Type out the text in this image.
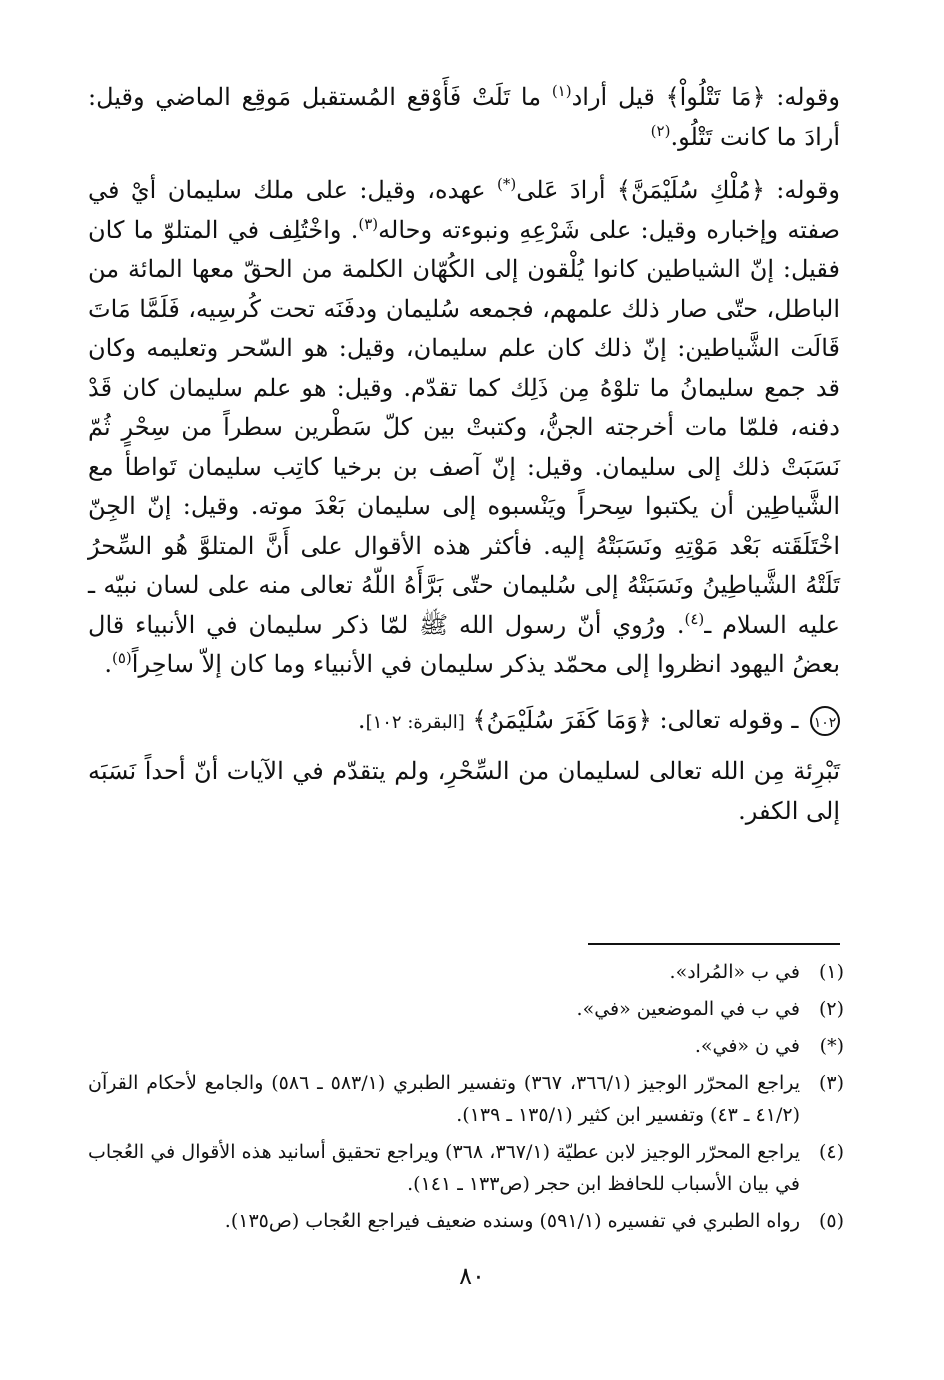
وقوله: ﴿مَا تَتْلُواْ﴾ قيل أراد$^{(١)}$ ما تَلَتْ فَأَوْقع المُستقبل مَوقِع الماضي وقيل: أرادَ ما كانت تَتْلُو.$^{(٢)}$

وقوله: ﴿مُلْكِ سُلَيْمَنَّ﴾ أرادَ عَلى(*) عهده، وقيل: على ملك سليمان أيْ في صفته وإخباره وقيل: على شَرْعِهِ ونبوءته وحاله$^{(٣)}$. واخْتُلِف في المتلوّ ما كان فقيل: إنّ الشياطين كانوا يُلْقون إلى الكُهّان الكلمة من الحقّ معها المائة من الباطل، حتّى صار ذلك علمهم، فجمعه سُليمان ودفَنَه تحت كُرسِيه، فَلَمَّا مَاتَ قَالَت الشَّياطين: إنّ ذلك كان علم سليمان، وقيل: هو السّحر وتعليمه وكان قد جمع سليمانُ ما تلوْهُ مِن ذَلِك كما تقدّم. وقيل: هو علم سليمان كان قَدْ دفنه، فلمّا مات أخرجته الجنُّ، وكتبتْ بين كلّ سَطْرين سطراً من سِحْرٍ ثُمّ نَسَبَتْ ذلك إلى سليمان. وقيل: إنّ آصف بن برخيا كاتِب سليمان تَواطأ مع الشَّياطِين أن يكتبوا سِحراً ويَنْسبوه إلى سليمان بَعْدَ موته. وقيل: إنّ الجِنّ اخْتَلَقَته بَعْد مَوْتِهِ ونَسَبَتْهُ إليه. فأكثر هذه الأقوال على أَنَّ المتلوَّ هُو السِّحرُ تَلَتْهُ الشَّياطِينُ ونَسَبَتْهُ إلى سُليمان حتّى بَرَّأَهُ اللّهُ تعالى منه على لسان نبيّه ـ عليه السلام ـ$^{(٤)}$. ورُوي أنّ رسول الله ﷺ لمّا ذكر سليمان في الأنبياء قال بعضُ اليهود انظروا إلى محمّد يذكر سليمان في الأنبياء وما كان إلاّ ساحِراً$^{(٥)}$.

١٠٢ ـ وقوله تعالى: ﴿وَمَا كَفَرَ سُلَيْمَنُ﴾ [البقرة: ١٠٢].

تَبْرِئة مِن الله تعالى لسليمان من السِّحْرِ، ولم يتقدّم في الآيات أنّ أحداً نَسَبَه إلى الكفر.

(١)
في ب «المُراد».
(٢)
في ب في الموضعين «في».
(*)
في ن «في».
(٣)
يراجع المحرّر الوجيز (٣٦٦/١، ٣٦٧) وتفسير الطبري (٥٨٣/١ ـ ٥٨٦) والجامع لأحكام القرآن (٤١/٢ ـ ٤٣) وتفسير ابن كثير (١٣٥/١ ـ ١٣٩).
(٤)
يراجع المحرّر الوجيز لابن عطيّة (٣٦٧/١، ٣٦٨) ويراجع تحقيق أسانيد هذه الأقوال في العُجاب في بيان الأسباب للحافظ ابن حجر (ص١٣٣ ـ ١٤١).
(٥)
رواه الطبري في تفسيره (٥٩١/١) وسنده ضعيف فيراجع العُجاب (ص١٣٥).
٨٠
